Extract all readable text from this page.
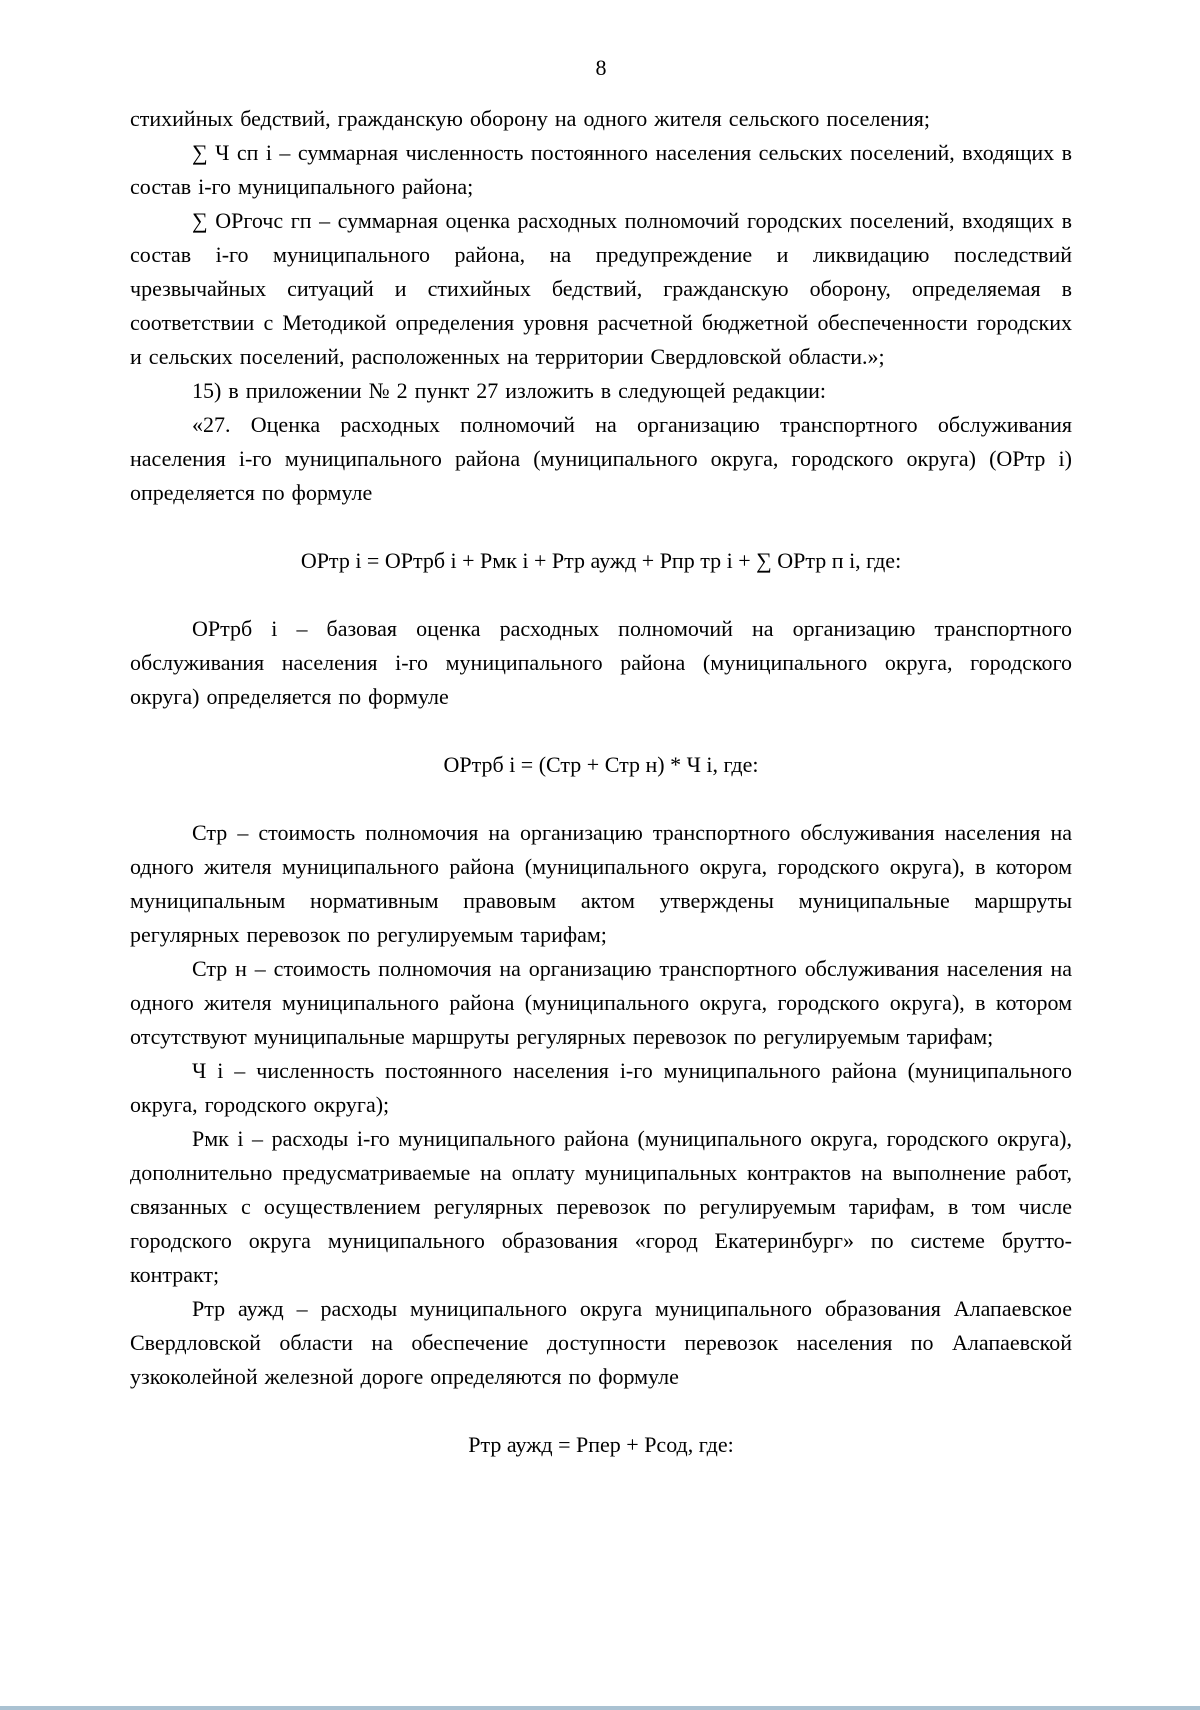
8

стихийных бедствий, гражданскую оборону на одного жителя сельского поселения;

∑ Ч сп i – суммарная численность постоянного населения сельских поселений, входящих в состав i-го муниципального района;

∑ ОРгочс гп – суммарная оценка расходных полномочий городских поселений, входящих в состав i-го муниципального района, на предупреждение и ликвидацию последствий чрезвычайных ситуаций и стихийных бедствий, гражданскую оборону, определяемая в соответствии с Методикой определения уровня расчетной бюджетной обеспеченности городских и сельских поселений, расположенных на территории Свердловской области.»;

15) в приложении № 2 пункт 27 изложить в следующей редакции:

«27. Оценка расходных полномочий на организацию транспортного обслуживания населения i-го муниципального района (муниципального округа, городского округа) (ОРтр i) определяется по формуле

ОРтр i = ОРтрб i + Рмк i + Ртр аужд + Рпр тр i + ∑ ОРтр п i, где:

ОРтрб i – базовая оценка расходных полномочий на организацию транспортного обслуживания населения i-го муниципального района (муниципального округа, городского округа) определяется по формуле

ОРтрб i = (Стр + Стр н) * Ч i, где:

Стр – стоимость полномочия на организацию транспортного обслуживания населения на одного жителя муниципального района (муниципального округа, городского округа), в котором муниципальным нормативным правовым актом утверждены муниципальные маршруты регулярных перевозок по регулируемым тарифам;

Стр н – стоимость полномочия на организацию транспортного обслуживания населения на одного жителя муниципального района (муниципального округа, городского округа), в котором отсутствуют муниципальные маршруты регулярных перевозок по регулируемым тарифам;

Ч i – численность постоянного населения i-го муниципального района (муниципального округа, городского округа);

Рмк i – расходы i-го муниципального района (муниципального округа, городского округа), дополнительно предусматриваемые на оплату муниципальных контрактов на выполнение работ, связанных с осуществлением регулярных перевозок по регулируемым тарифам, в том числе городского округа муниципального образования «город Екатеринбург» по системе брутто-контракт;

Ртр аужд – расходы муниципального округа муниципального образования Алапаевское Свердловской области на обеспечение доступности перевозок населения по Алапаевской узкоколейной железной дороге определяются по формуле

Ртр аужд = Рпер + Рсод, где:
